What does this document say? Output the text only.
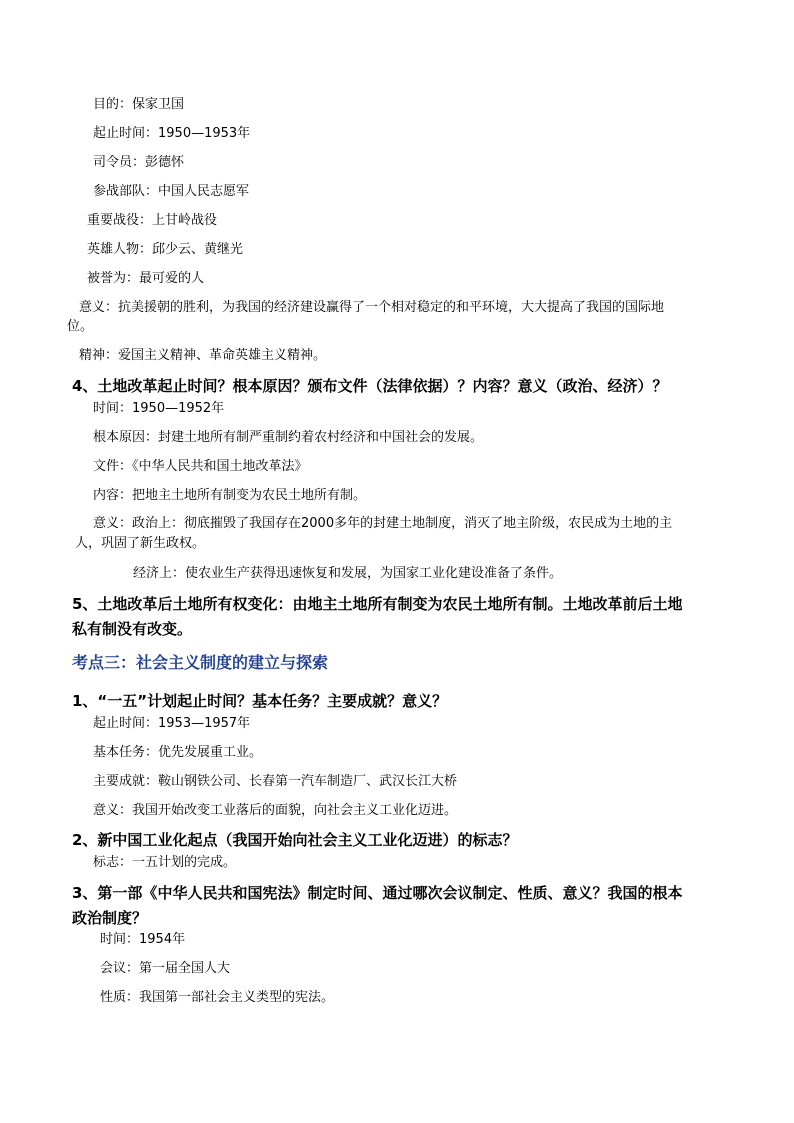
目的：保家卫国
起止时间：1950—1953年
司令员：彭德怀
参战部队：中国人民志愿军
重要战役：上甘岭战役
英雄人物：邱少云、黄继光
被誉为：最可爱的人
意义：抗美援朝的胜利，为我国的经济建设赢得了一个相对稳定的和平环境，大大提高了我国的国际地
位。
精神：爱国主义精神、革命英雄主义精神。
4、土地改革起止时间？根本原因？颁布文件（法律依据）？内容？意义（政治、经济）？
时间：1950—1952年
根本原因：封建土地所有制严重制约着农村经济和中国社会的发展。
文件：《中华人民共和国土地改革法》
内容：把地主土地所有制变为农民土地所有制。
意义：政治上：彻底摧毁了我国存在2000多年的封建土地制度，消灭了地主阶级，农民成为土地的主
人，巩固了新生政权。
经济上：使农业生产获得迅速恢复和发展，为国家工业化建设准备了条件。
5、土地改革后土地所有权变化：由地主土地所有制变为农民土地所有制。土地改革前后土地
私有制没有改变。
考点三：社会主义制度的建立与探索
1、“一五”计划起止时间？基本任务？主要成就？意义？
起止时间：1953—1957年
基本任务：优先发展重工业。
主要成就：鞍山钢铁公司、长春第一汽车制造厂、武汉长江大桥
意义：我国开始改变工业落后的面貌，向社会主义工业化迈进。
2、新中国工业化起点（我国开始向社会主义工业化迈进）的标志？
标志：一五计划的完成。
3、第一部《中华人民共和国宪法》制定时间、通过哪次会议制定、性质、意义？我国的根本
政治制度？
时间：1954年
会议：第一届全国人大
性质：我国第一部社会主义类型的宪法。
